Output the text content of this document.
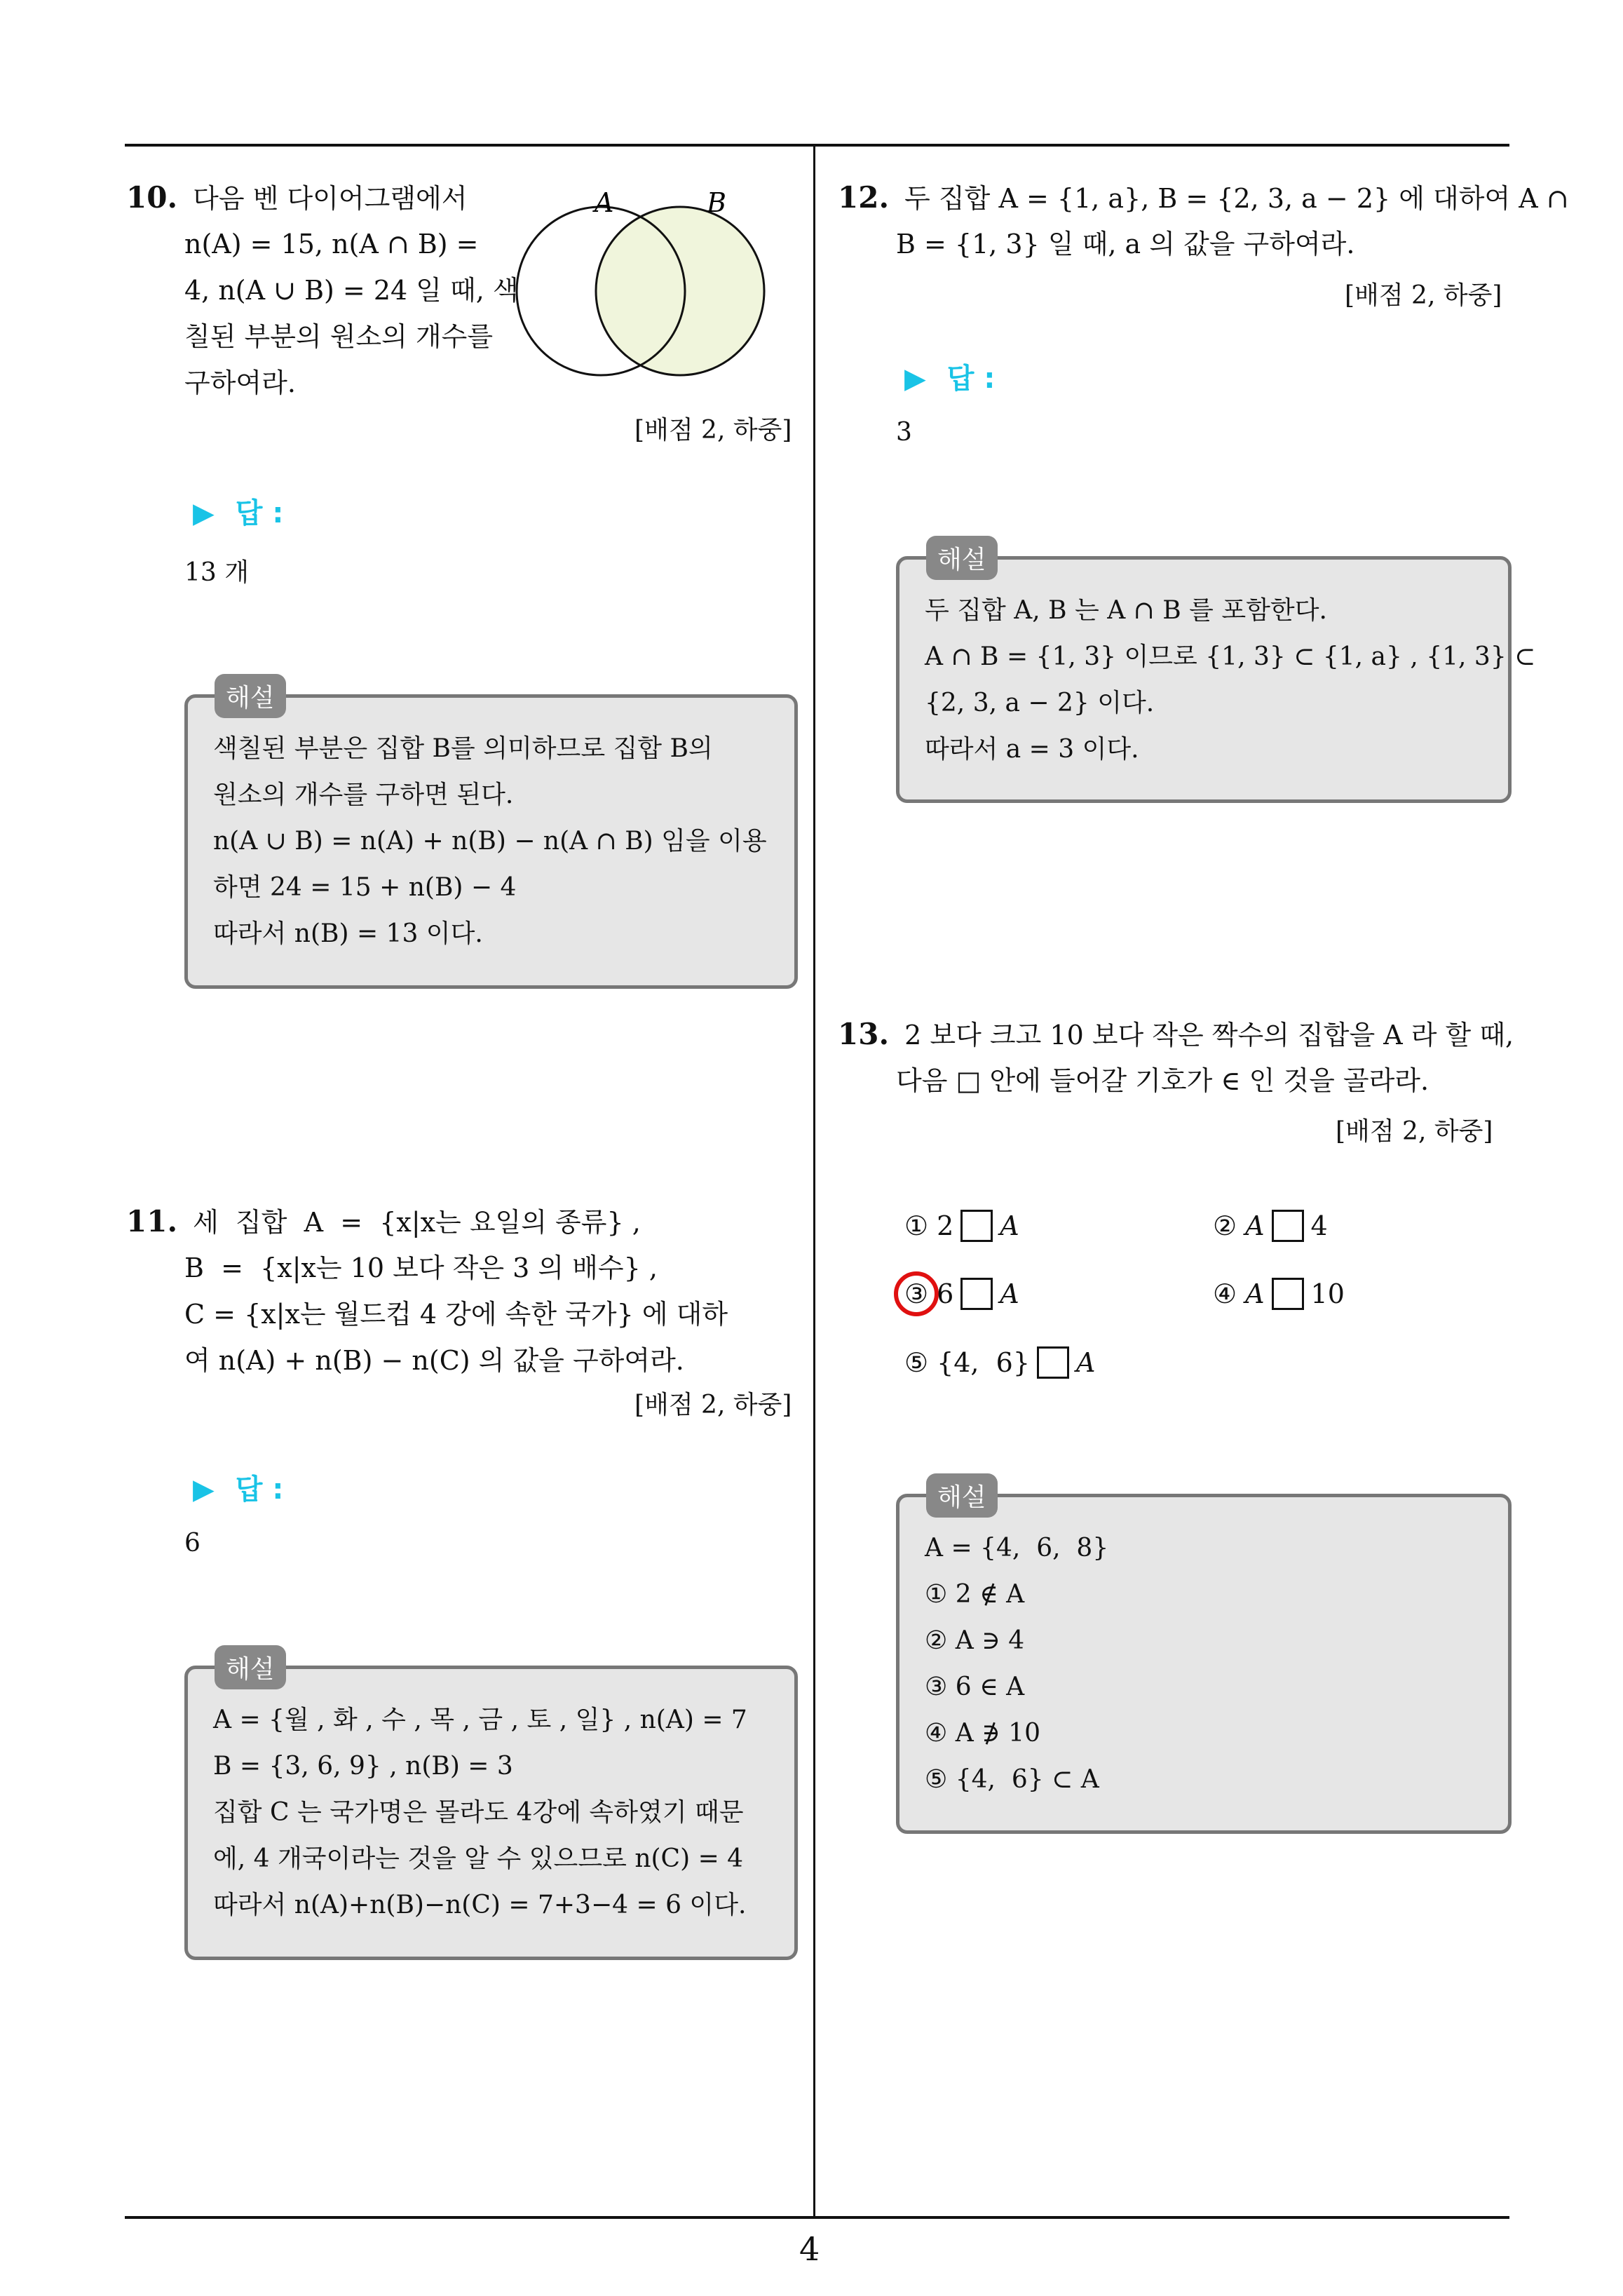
4
10. 다음 벤 다이어그램에서
n(A) = 15, n(A ∩ B) =
4, n(A ∪ B) = 24 일 때, 색
칠된 부분의 원소의 개수를
구하여라.
A	B
[배점 2, 하중]
▶ 답 :
13 개
해설
색칠된 부분은 집합 B를 의미하므로 집합 B의
원소의 개수를 구하면 된다.
n(A ∪ B) = n(A) + n(B) − n(A ∩ B) 임을 이용
하면 24 = 15 + n(B) − 4
따라서 n(B) = 13 이다.
11. 세  집합  A  =  {x|x는 요일의 종류} ,
B  =  {x|x는 10 보다 작은 3 의 배수} ,
C = {x|x는 월드컵 4 강에 속한 국가} 에 대하
여 n(A) + n(B) − n(C) 의 값을 구하여라.
[배점 2, 하중]
▶ 답 :
6
해설
A = {월 , 화 , 수 , 목 , 금 , 토 , 일} , n(A) = 7
B = {3, 6, 9} , n(B) = 3
집합 C 는 국가명은 몰라도 4강에 속하였기 때문
에, 4 개국이라는 것을 알 수 있으므로 n(C) = 4
따라서 n(A)+n(B)−n(C) = 7+3−4 = 6 이다.
12. 두 집합 A = {1, a}, B = {2, 3, a − 2} 에 대하여 A ∩
B = {1, 3} 일 때, a 의 값을 구하여라.
[배점 2, 하중]
▶ 답 :
3
해설
두 집합 A, B 는 A ∩ B 를 포함한다.
A ∩ B = {1, 3} 이므로 {1, 3} ⊂ {1, a} , {1, 3} ⊂
{2, 3, a − 2} 이다.
따라서 a = 3 이다.
13. 2 보다 크고 10 보다 작은 짝수의 집합을 A 라 할 때,
다음 □ 안에 들어갈 기호가 ∈ 인 것을 골라라.
[배점 2, 하중]
① 2 A	② A 4
③ 6 A	④ A 10
⑤ {4,  6} A
해설
A = {4,  6,  8}
① 2 ∉ A
② A ∋ 4
③ 6 ∈ A
④ A ∌ 10
⑤ {4,  6} ⊂ A
